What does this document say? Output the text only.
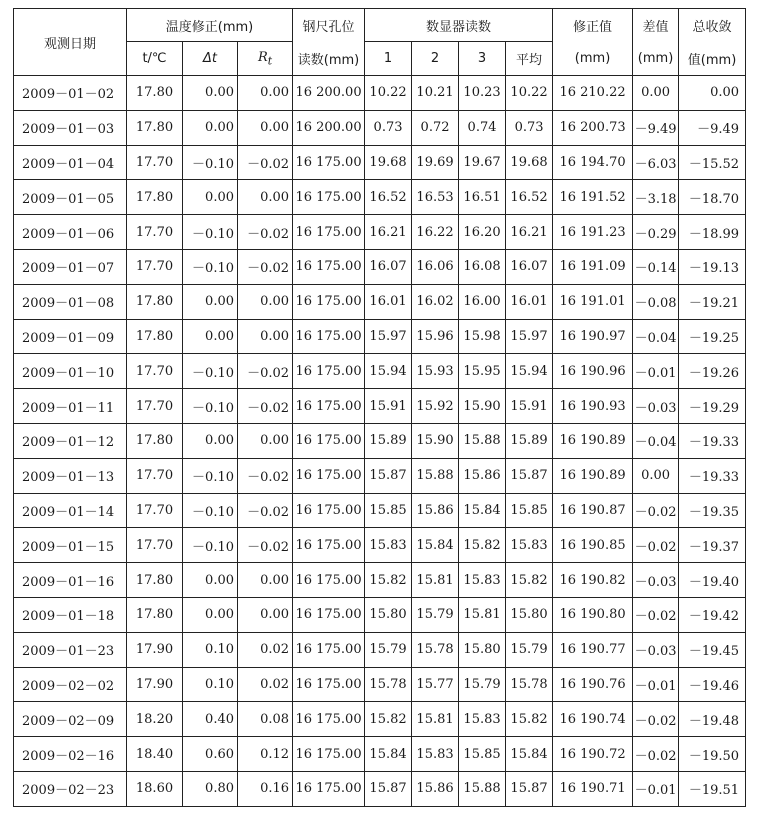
观测日期	温度修正(mm)			钢尺孔位	数显器读数				修正值	差值	总收敛
	t/℃	Δt	$R_t$	读数(mm)	1	2	3	平均	(mm)	(mm)	值(mm)
2009－01－02	17.80	0.00	0.00	16 200.00	10.22	10.21	10.23	10.22	16 210.22	0.00	0.00
2009－01－03	17.80	0.00	0.00	16 200.00	0.73	0.72	0.74	0.73	16 200.73	－9.49	－9.49
2009－01－04	17.70	－0.10	－0.02	16 175.00	19.68	19.69	19.67	19.68	16 194.70	－6.03	－15.52
2009－01－05	17.80	0.00	0.00	16 175.00	16.52	16.53	16.51	16.52	16 191.52	－3.18	－18.70
2009－01－06	17.70	－0.10	－0.02	16 175.00	16.21	16.22	16.20	16.21	16 191.23	－0.29	－18.99
2009－01－07	17.70	－0.10	－0.02	16 175.00	16.07	16.06	16.08	16.07	16 191.09	－0.14	－19.13
2009－01－08	17.80	0.00	0.00	16 175.00	16.01	16.02	16.00	16.01	16 191.01	－0.08	－19.21
2009－01－09	17.80	0.00	0.00	16 175.00	15.97	15.96	15.98	15.97	16 190.97	－0.04	－19.25
2009－01－10	17.70	－0.10	－0.02	16 175.00	15.94	15.93	15.95	15.94	16 190.96	－0.01	－19.26
2009－01－11	17.70	－0.10	－0.02	16 175.00	15.91	15.92	15.90	15.91	16 190.93	－0.03	－19.29
2009－01－12	17.80	0.00	0.00	16 175.00	15.89	15.90	15.88	15.89	16 190.89	－0.04	－19.33
2009－01－13	17.70	－0.10	－0.02	16 175.00	15.87	15.88	15.86	15.87	16 190.89	0.00	－19.33
2009－01－14	17.70	－0.10	－0.02	16 175.00	15.85	15.86	15.84	15.85	16 190.87	－0.02	－19.35
2009－01－15	17.70	－0.10	－0.02	16 175.00	15.83	15.84	15.82	15.83	16 190.85	－0.02	－19.37
2009－01－16	17.80	0.00	0.00	16 175.00	15.82	15.81	15.83	15.82	16 190.82	－0.03	－19.40
2009－01－18	17.80	0.00	0.00	16 175.00	15.80	15.79	15.81	15.80	16 190.80	－0.02	－19.42
2009－01－23	17.90	0.10	0.02	16 175.00	15.79	15.78	15.80	15.79	16 190.77	－0.03	－19.45
2009－02－02	17.90	0.10	0.02	16 175.00	15.78	15.77	15.79	15.78	16 190.76	－0.01	－19.46
2009－02－09	18.20	0.40	0.08	16 175.00	15.82	15.81	15.83	15.82	16 190.74	－0.02	－19.48
2009－02－16	18.40	0.60	0.12	16 175.00	15.84	15.83	15.85	15.84	16 190.72	－0.02	－19.50
2009－02－23	18.60	0.80	0.16	16 175.00	15.87	15.86	15.88	15.87	16 190.71	－0.01	－19.51
